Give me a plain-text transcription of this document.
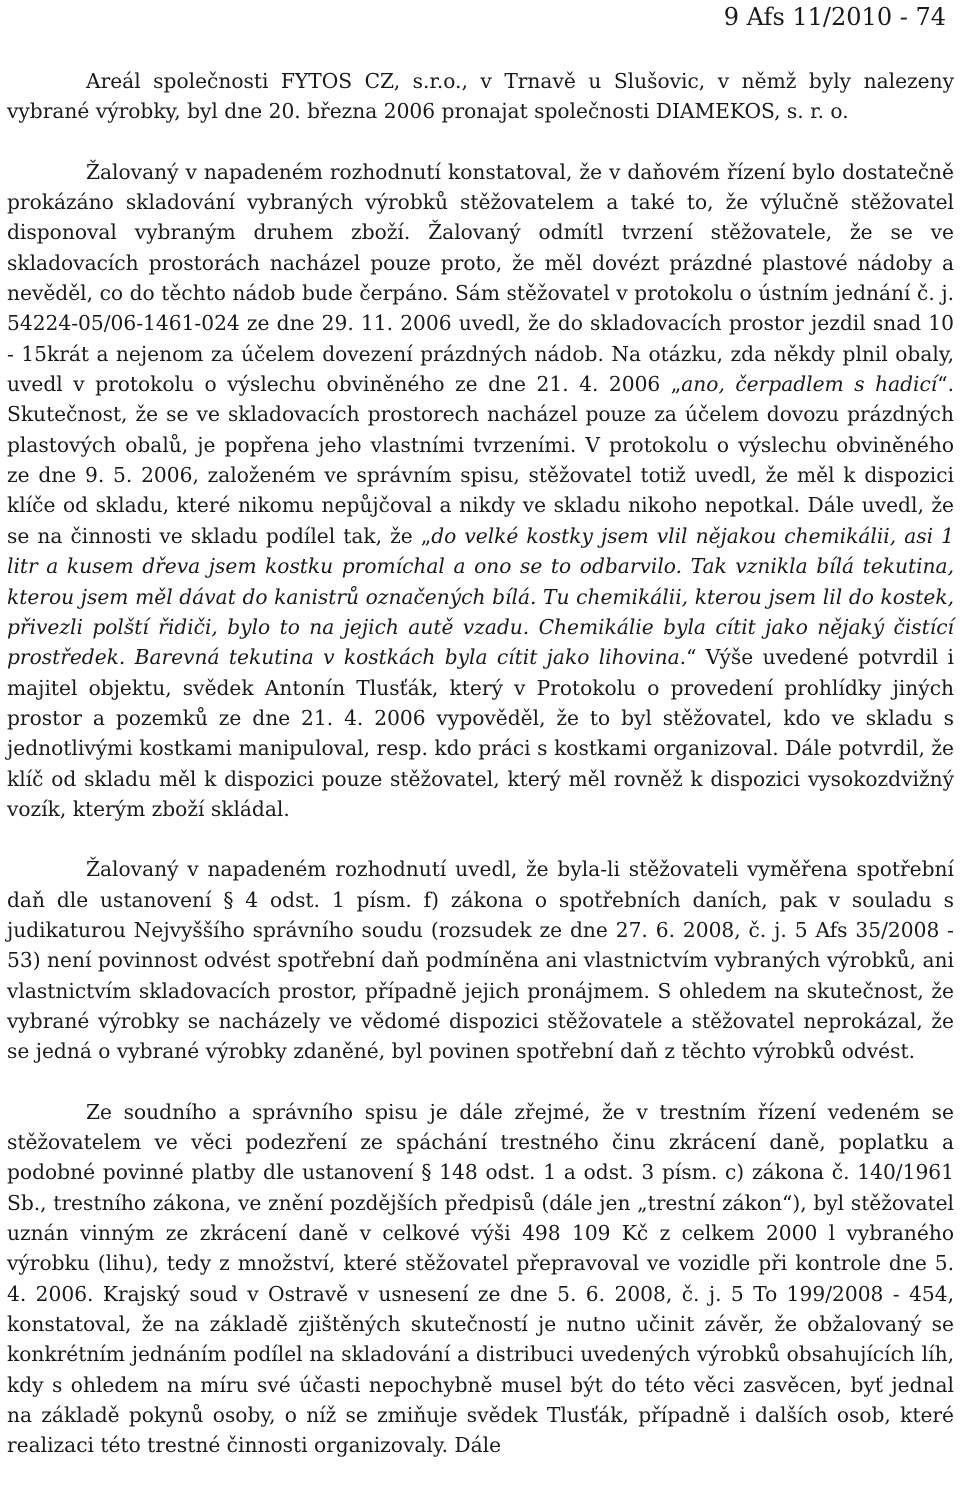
9 Afs 11/2010 - 74

Areál společnosti FYTOS CZ, s.r.o., v Trnavě u Slušovic, v němž byly nalezeny vybrané výrobky, byl dne 20. března 2006 pronajat společnosti DIAMEKOS, s. r. o.

Žalovaný v napadeném rozhodnutí konstatoval, že v daňovém řízení bylo dostatečně prokázáno skladování vybraných výrobků stěžovatelem a také to, že výlučně stěžovatel disponoval vybraným druhem zboží. Žalovaný odmítl tvrzení stěžovatele, že se ve skladovacích prostorách nacházel pouze proto, že měl dovézt prázdné plastové nádoby a nevěděl, co do těchto nádob bude čerpáno. Sám stěžovatel v protokolu o ústním jednání č. j. 54224-05/06-1461-024 ze dne 29. 11. 2006 uvedl, že do skladovacích prostor jezdil snad 10 - 15krát a nejenom za účelem dovezení prázdných nádob. Na otázku, zda někdy plnil obaly, uvedl v protokolu o výslechu obviněného ze dne 21. 4. 2006 „ano, čerpadlem s hadicí“. Skutečnost, že se ve skladovacích prostorech nacházel pouze za účelem dovozu prázdných plastových obalů, je popřena jeho vlastními tvrzeními. V protokolu o výslechu obviněného ze dne 9. 5. 2006, založeném ve správním spisu, stěžovatel totiž uvedl, že měl k dispozici klíče od skladu, které nikomu nepůjčoval a nikdy ve skladu nikoho nepotkal. Dále uvedl, že se na činnosti ve skladu podílel tak, že „do velké kostky jsem vlil nějakou chemikálii, asi 1 litr a kusem dřeva jsem kostku promíchal a ono se to odbarvilo. Tak vznikla bílá tekutina, kterou jsem měl dávat do kanistrů označených bílá. Tu chemikálii, kterou jsem lil do kostek, přivezli polští řidiči, bylo to na jejich autě vzadu. Chemikálie byla cítit jako nějaký čistící prostředek. Barevná tekutina v kostkách byla cítit jako lihovina.“ Výše uvedené potvrdil i majitel objektu, svědek Antonín Tlusťák, který v Protokolu o provedení prohlídky jiných prostor a pozemků ze dne 21. 4. 2006 vypověděl, že to byl stěžovatel, kdo ve skladu s jednotlivými kostkami manipuloval, resp. kdo práci s kostkami organizoval. Dále potvrdil, že klíč od skladu měl k dispozici pouze stěžovatel, který měl rovněž k dispozici vysokozdvižný vozík, kterým zboží skládal.

Žalovaný v napadeném rozhodnutí uvedl, že byla-li stěžovateli vyměřena spotřební daň dle ustanovení § 4 odst. 1 písm. f) zákona o spotřebních daních, pak v souladu s judikaturou Nejvyššího správního soudu (rozsudek ze dne 27. 6. 2008, č. j. 5 Afs 35/2008 - 53) není povinnost odvést spotřební daň podmíněna ani vlastnictvím vybraných výrobků, ani vlastnictvím skladovacích prostor, případně jejich pronájmem. S ohledem na skutečnost, že vybrané výrobky se nacházely ve vědomé dispozici stěžovatele a stěžovatel neprokázal, že se jedná o vybrané výrobky zdaněné, byl povinen spotřební daň z těchto výrobků odvést.

Ze soudního a správního spisu je dále zřejmé, že v trestním řízení vedeném se stěžovatelem ve věci podezření ze spáchání trestného činu zkrácení daně, poplatku a podobné povinné platby dle ustanovení § 148 odst. 1 a odst. 3 písm. c) zákona č. 140/1961 Sb., trestního zákona, ve znění pozdějších předpisů (dále jen „trestní zákon“), byl stěžovatel uznán vinným ze zkrácení daně v celkové výši 498 109 Kč z celkem 2000 l vybraného výrobku (lihu), tedy z množství, které stěžovatel přepravoval ve vozidle při kontrole dne 5. 4. 2006. Krajský soud v Ostravě v usnesení ze dne 5. 6. 2008, č. j. 5 To 199/2008 - 454, konstatoval, že na základě zjištěných skutečností je nutno učinit závěr, že obžalovaný se konkrétním jednáním podílel na skladování a distribuci uvedených výrobků obsahujících líh, kdy s ohledem na míru své účasti nepochybně musel být do této věci zasvěcen, byť jednal na základě pokynů osoby, o níž se zmiňuje svědek Tlusťák, případně i dalších osob, které realizaci této trestné činnosti organizovaly. Dále
